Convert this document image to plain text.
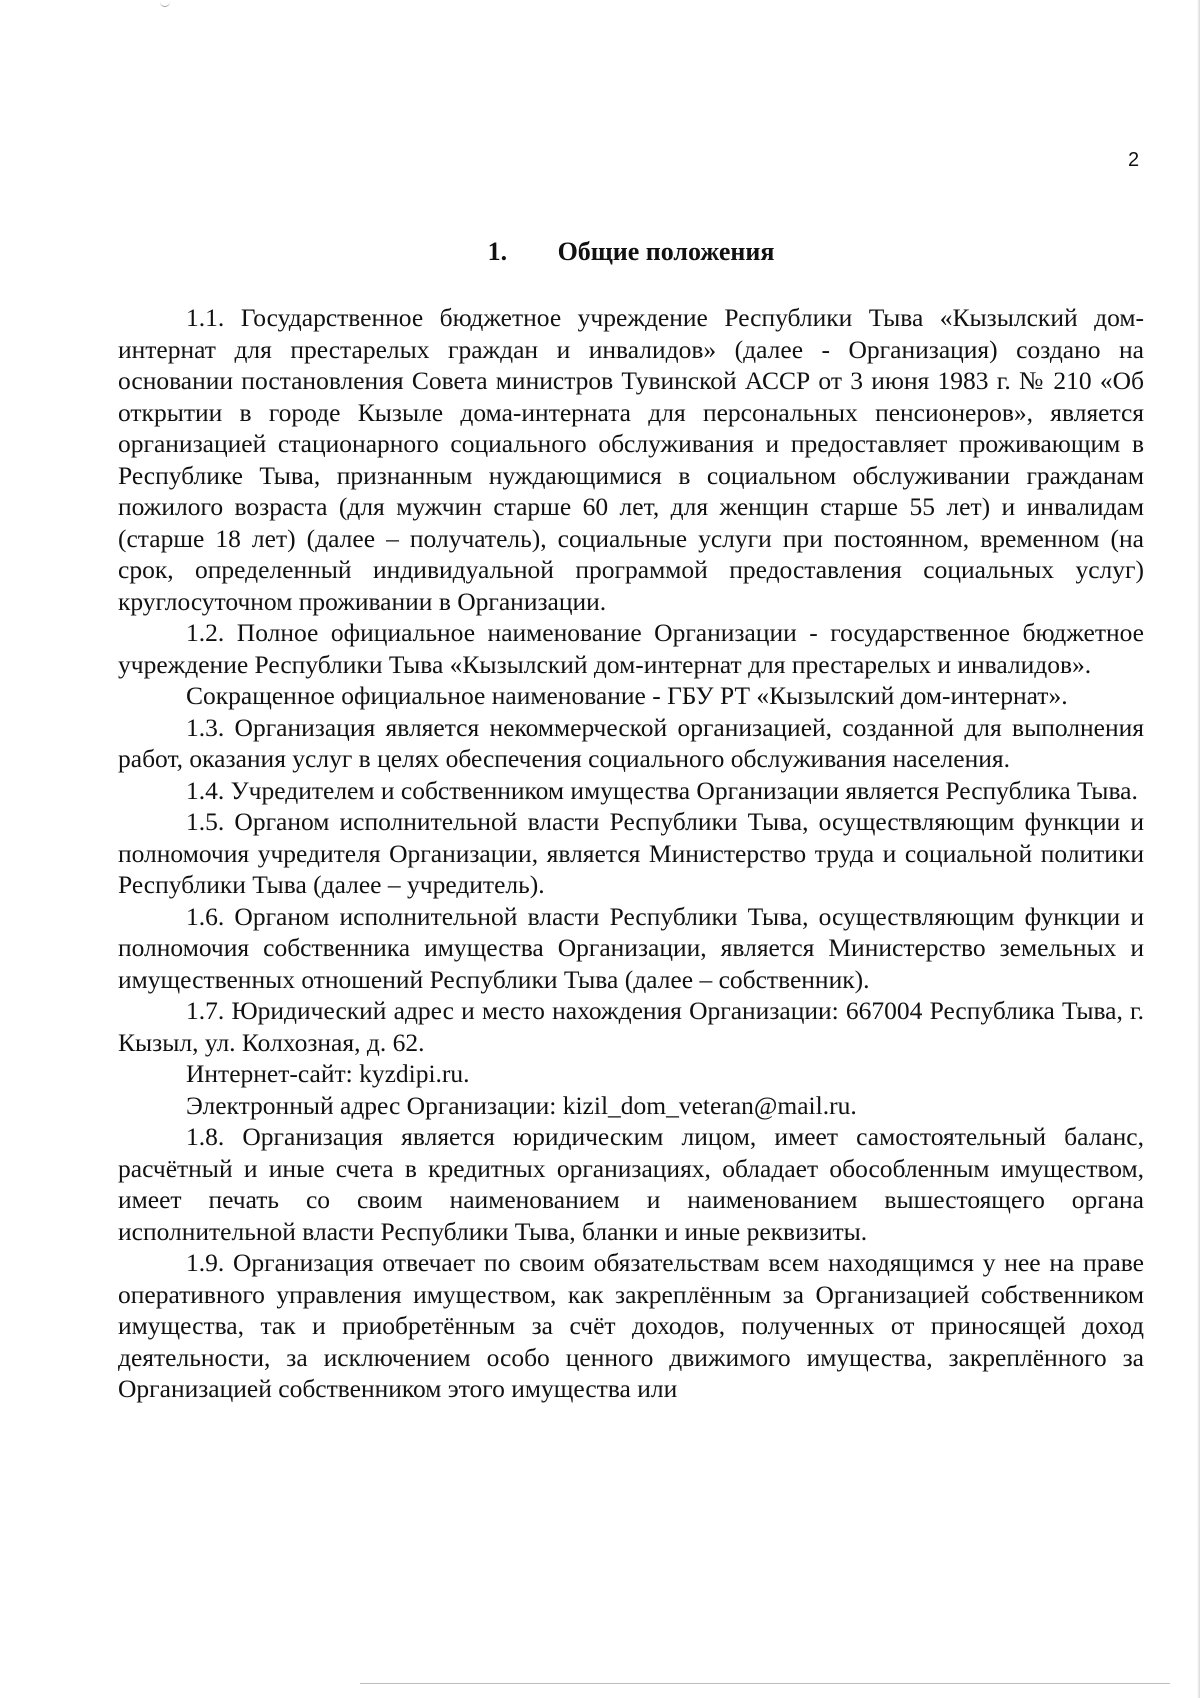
2
1. Общие положения

1.1. Государственное бюджетное учреждение Республики Тыва «Кызылский дом-интернат для престарелых граждан и инвалидов» (далее - Организация) создано на основании постановления Совета министров Тувинской АССР от 3 июня 1983 г. № 210 «Об открытии в городе Кызыле дома-интерната для персональных пенсионеров», является организацией стационарного социального обслуживания и предоставляет проживающим в Республике Тыва, признанным нуждающимися в социальном обслуживании гражданам пожилого возраста (для мужчин старше 60 лет, для женщин старше 55 лет) и инвалидам (старше 18 лет) (далее – получатель), социальные услуги при постоянном, временном (на срок, определенный индивидуальной программой предоставления социальных услуг) круглосуточном проживании в Организации.

1.2. Полное официальное наименование Организации - государственное бюджетное учреждение Республики Тыва «Кызылский дом-интернат для престарелых и инвалидов».

Сокращенное официальное наименование - ГБУ РТ «Кызылский дом-интернат».

1.3. Организация является некоммерческой организацией, созданной для выполнения работ, оказания услуг в целях обеспечения социального обслуживания населения.

1.4. Учредителем и собственником имущества Организации является Республика Тыва.

1.5. Органом исполнительной власти Республики Тыва, осуществляющим функции и полномочия учредителя Организации, является Министерство труда и социальной политики Республики Тыва (далее – учредитель).

1.6. Органом исполнительной власти Республики Тыва, осуществляющим функции и полномочия собственника имущества Организации, является Министерство земельных и имущественных отношений Республики Тыва (далее – собственник).

1.7. Юридический адрес и место нахождения Организации: 667004 Республика Тыва, г. Кызыл, ул. Колхозная, д. 62.

Интернет-сайт: kyzdipi.ru.

Электронный адрес Организации: kizil_dom_veteran@mail.ru.

1.8. Организация является юридическим лицом, имеет самостоятельный баланс, расчётный и иные счета в кредитных организациях, обладает обособленным имуществом, имеет печать со своим наименованием и наименованием вышестоящего органа исполнительной власти Республики Тыва, бланки и иные реквизиты.

1.9. Организация отвечает по своим обязательствам всем находящимся у нее на праве оперативного управления имуществом, как закреплённым за Организацией собственником имущества, так и приобретённым за счёт доходов, полученных от приносящей доход деятельности, за исключением особо ценного движимого имущества, закреплённого за Организацией собственником этого имущества или
